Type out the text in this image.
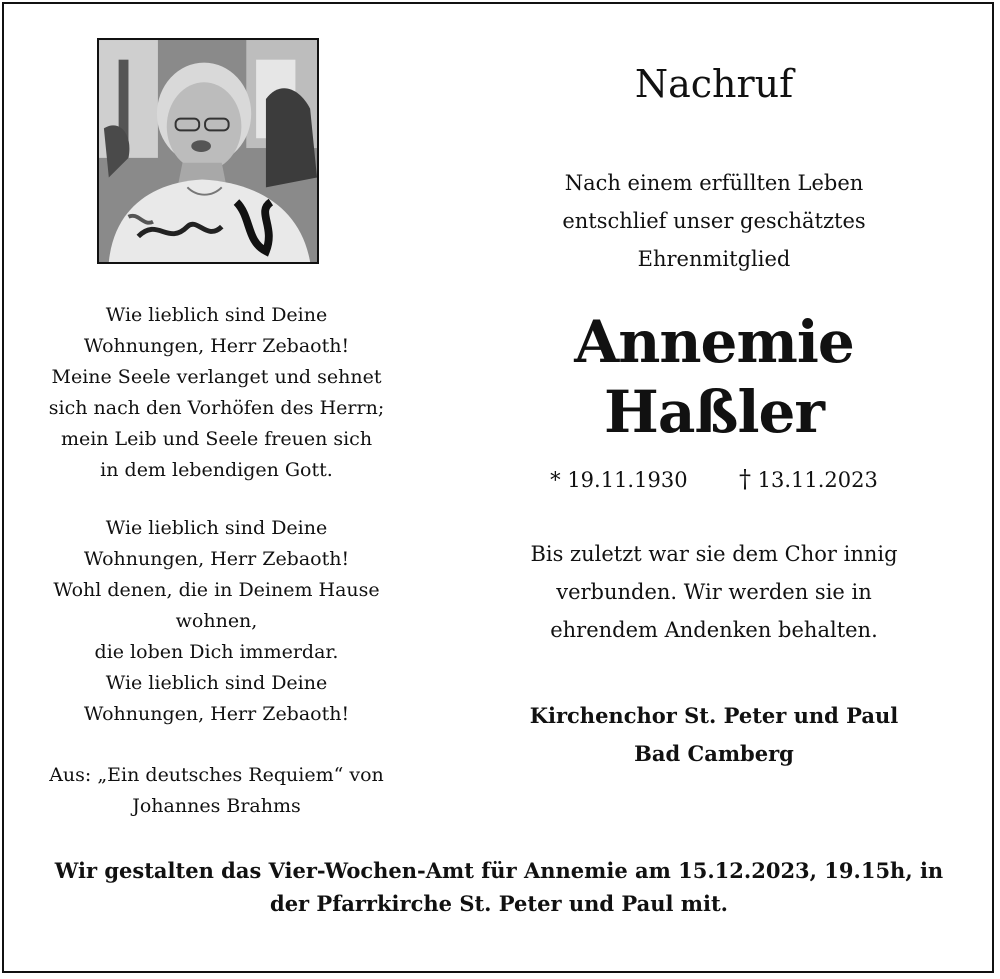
Wie lieblich sind Deine
Wohnungen, Herr Zebaoth!
Meine Seele verlanget und sehnet
sich nach den Vorhöfen des Herrn;
mein Leib und Seele freuen sich
in dem lebendigen Gott.
Wie lieblich sind Deine
Wohnungen, Herr Zebaoth!
Wohl denen, die in Deinem Hause
wohnen,
die loben Dich immerdar.
Wie lieblich sind Deine
Wohnungen, Herr Zebaoth!
Aus: „Ein deutsches Requiem“ von
Johannes Brahms
Nachruf
Nach einem erfüllten Leben
entschlief unser geschätztes
Ehrenmitglied
Annemie
Haßler
* 19.11.1930 † 13.11.2023
Bis zuletzt war sie dem Chor innig
verbunden. Wir werden sie in
ehrendem Andenken behalten.
Kirchenchor St. Peter und Paul
Bad Camberg
Wir gestalten das Vier-Wochen-Amt für Annemie am 15.12.2023, 19.15h, in
der Pfarrkirche St. Peter und Paul mit.
